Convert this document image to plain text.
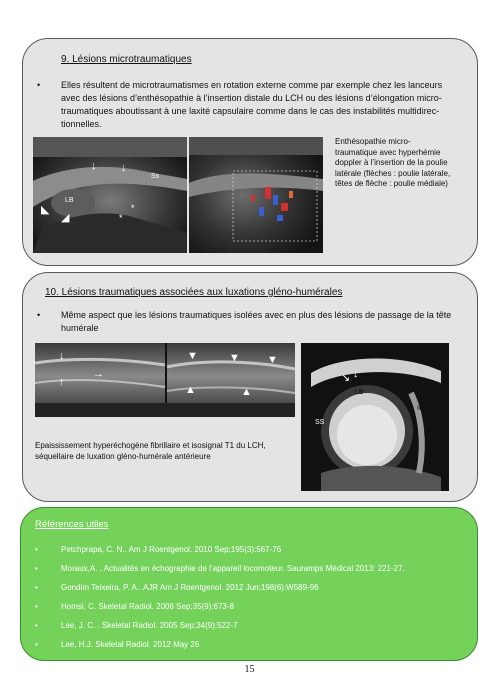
9. Lésions microtraumatiques
• Elles résultent de microtraumatismes en rotation externe comme par exemple chez les lanceurs
avec des lésions d’enthésopathie à l’insertion distale du LCH ou des lésions d’élongation micro-
traumatiques aboutissant à une laxité capsulaire comme dans le cas des instabilités multidirec-
tionnelles.
LB
Ss
*
*
↓ ↓
◣
◢
Enthésopathie micro-
traumatique avec hyperhémie
doppler à l’insertion de la poulie
latérale (flèches : poulie latérale,
têtes de flèche : poulie médiale)
10. Lésions traumatiques associées aux luxations gléno-humérales
• Même aspect que les lésions traumatiques isolées avec en plus des lésions de passage de la tête
humérale
↓
↑
→
▼	▼ ▼
▲	▲
Se
LB
SS
Ie
↘ ↓
Epaississement hyperéchogène fibrillaire et isosignal T1 du LCH,
séquellaire de luxation gléno-humérale antérieure
Références utiles
•	Petchprapa, C. N.. Am J Roentgenol. 2010 Sep;195(3):567-76
•	Moraux,A. . Actualités en échographie de l’appareil locomoteur. Sauramps Médical 2013: 221-27.
•	Gondim Teixeira, P. A.. AJR Am J Roentgenol. 2012 Jun;198(6):W589-96
•	Homsi, C. Skeletal Radiol. 2006 Sep;35(9):673-8
•	Lee, J. C. . Skeletal Radiol. 2005 Sep;34(9):522-7
•	Lee, H.J. Skeletal Radiol. 2012 May 26
15
